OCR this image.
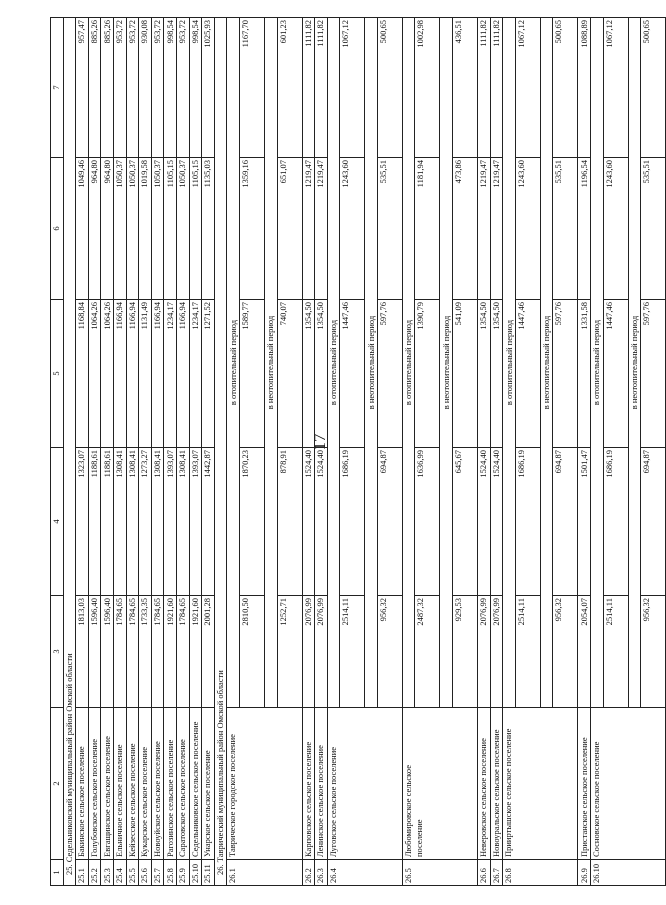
17
1	2	3	4	5	6	7
25. Седельниковский муниципальный район Омской области						
25.1	Бакинское сельское поселение	1813,03	1323,07	1168,84	1049,46	957,47
25.2	Голубовское сельское поселение	1596,40	1188,61	1064,26	964,80	885,26
25.3	Евгащинское сельское поселение	1596,40	1188,61	1064,26	964,80	885,26
25.4	Ельничное сельское поселение	1784,65	1308,41	1166,94	1050,37	953,72
25.5	Кейзесское сельское поселение	1784,65	1308,41	1166,94	1050,37	953,72
25.6	Кукарское сельское поселение	1733,35	1273,27	1131,49	1019,58	930,08
25.7	Новоуйское сельское поселение	1784,65	1308,41	1166,94	1050,37	953,72
25.8	Рагозинское сельское поселение	1921,60	1393,07	1234,17	1105,15	998,54
25.9	Саратовское сельское поселение	1784,65	1308,41	1166,94	1050,37	953,72
25.10	Седельниковское сельское поселение	1921,60	1393,07	1234,17	1105,15	998,54
25.11	Унарское сельское поселение	2001,28	1442,87	1271,52	1135,03	1025,93
26. Таврический муниципальный район Омской области						
26.1	Таврическое городское поселение	в отопительный период				
		2810,50	1870,23	1589,77	1359,16	1167,70
		в неотопительный период				
		1252,71	878,91	740,07	651,07	601,23
26.2	Карповское сельское поселение	2076,99	1524,40	1354,50	1219,47	1111,82
26.3	Ленинское сельское поселение	2076,99	1524,40	1354,50	1219,47	1111,82
26.4	Луговское сельское поселение	в отопительный период				
		2514,11	1686,19	1447,46	1243,60	1067,12
		в неотопительный период				
		956,32	694,87	597,76	535,51	500,65
26.5	Любомировское сельское поселение	в отопительный период				
		2487,32	1636,99	1390,79	1181,94	1002,98
		в неотопительный период				
		929,53	645,67	541,09	473,86	436,51
26.6	Неверовское сельское поселение	2076,99	1524,40	1354,50	1219,47	1111,82
26.7	Новоуральское сельское поселение	2076,99	1524,40	1354,50	1219,47	1111,82
26.8	Прииртышское сельское поселение	в отопительный период				
		2514,11	1686,19	1447,46	1243,60	1067,12
		в неотопительный период				
		956,32	694,87	597,76	535,51	500,65
26.9	Пристанское сельское поселение	2054,07	1501,47	1331,58	1196,54	1088,89
26.10	Сосновское сельское поселение	в отопительный период				
		2514,11	1686,19	1447,46	1243,60	1067,12
		в неотопительный период				
		956,32	694,87	597,76	535,51	500,65
